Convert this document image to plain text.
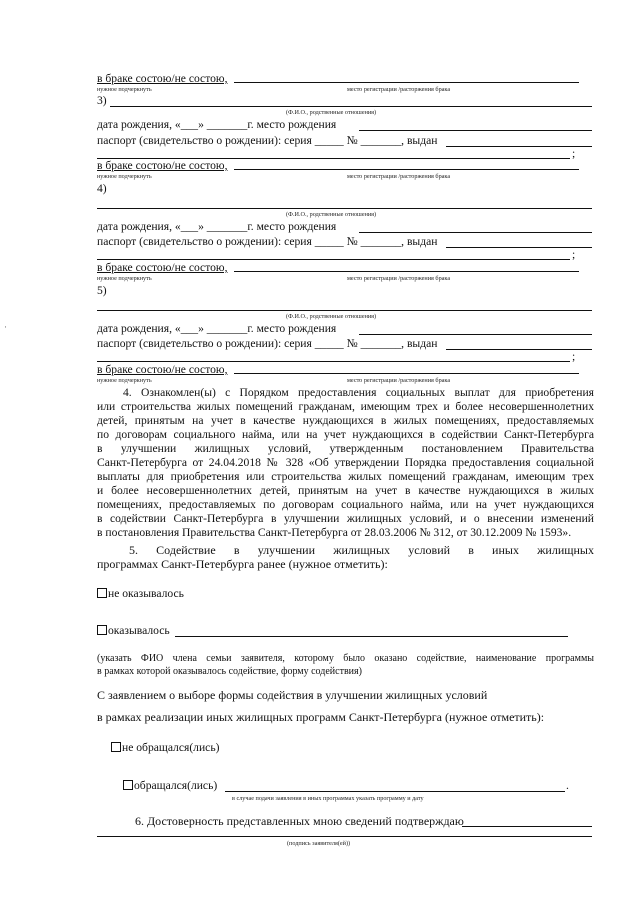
в браке состою/не состою,
нужное подчеркнуть	место регистрации /расторжения брака
3)
(Ф.И.О., родственные отношения)
дата рождения, «___» _______г. место рождения
паспорт (свидетельство о рождении): серия _____ № _______, выдан
;
в браке состою/не состою,
нужное подчеркнуть	место регистрации /расторжения брака
4)
(Ф.И.О., родственные отношения)
дата рождения, «___» _______г. место рождения
паспорт (свидетельство о рождении): серия _____ № _______, выдан
;
в браке состою/не состою,
нужное подчеркнуть	место регистрации /расторжения брака
5)
(Ф.И.О., родственные отношения)
дата рождения, «___» _______г. место рождения
паспорт (свидетельство о рождении): серия _____ № _______, выдан
;
в браке состою/не состою,
нужное подчеркнуть	место регистрации /расторжения брака
·
4. Ознакомлен(ы) с Порядком предоставления социальных выплат для приобретения
или строительства жилых помещений гражданам, имеющим трех и более несовершеннолетних
детей, принятым на учет в качестве нуждающихся в жилых помещениях, предоставляемых
по договорам социального найма, или на учет нуждающихся в содействии Санкт-Петербурга
в улучшении жилищных условий, утвержденным постановлением Правительства
Санкт-Петербурга от 24.04.2018 № 328 «Об утверждении Порядка предоставления социальной
выплаты для приобретения или строительства жилых помещений гражданам, имеющим трех
и более несовершеннолетних детей, принятым на учет в качестве нуждающихся в жилых
помещениях, предоставляемых по договорам социального найма, или на учет нуждающихся
в содействии Санкт-Петербурга в улучшении жилищных условий, и о внесении изменений
в постановления Правительства Санкт-Петербурга от 28.03.2006 № 312, от 30.12.2009 № 1593».
5. Содействие в улучшении жилищных условий в иных жилищных
программах Санкт-Петербурга ранее (нужное отметить):
не оказывалось
оказывалось
(указать ФИО члена семьи заявителя, которому было оказано содействие, наименование программы
в рамках которой оказывалось содействие, форму содействия)
С заявлением о выборе формы содействия в улучшении жилищных условий
в рамках реализации иных жилищных программ Санкт-Петербурга (нужное отметить):
не обращался(лись)
обращался(лись)	.
в случае подачи заявления в иных программах указать программу и дату
6. Достоверность представленных мною сведений подтверждаю
(подпись заявителя(ей))
